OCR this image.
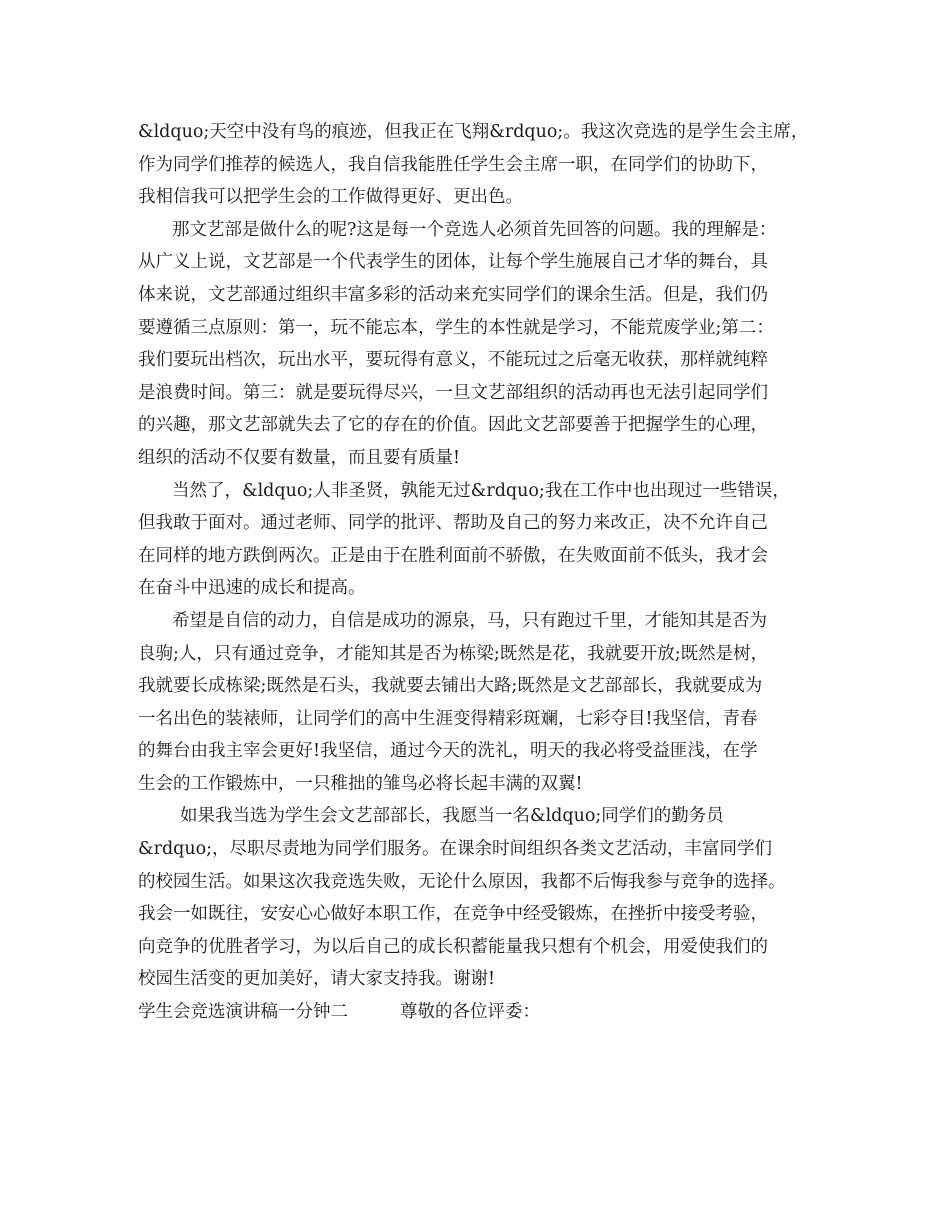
&ldquo;天空中没有鸟的痕迹，但我正在飞翔&rdquo;。我这次竞选的是学生会主席，
作为同学们推荐的候选人，我自信我能胜任学生会主席一职，在同学们的协助下，
我相信我可以把学生会的工作做得更好、更出色。
那文艺部是做什么的呢?这是每一个竞选人必须首先回答的问题。我的理解是：
从广义上说，文艺部是一个代表学生的团体，让每个学生施展自己才华的舞台，具
体来说，文艺部通过组织丰富多彩的活动来充实同学们的课余生活。但是，我们仍
要遵循三点原则：第一，玩不能忘本，学生的本性就是学习，不能荒废学业;第二：
我们要玩出档次，玩出水平，要玩得有意义，不能玩过之后毫无收获，那样就纯粹
是浪费时间。第三：就是要玩得尽兴，一旦文艺部组织的活动再也无法引起同学们
的兴趣，那文艺部就失去了它的存在的价值。因此文艺部要善于把握学生的心理，
组织的活动不仅要有数量，而且要有质量!
当然了，&ldquo;人非圣贤，孰能无过&rdquo;我在工作中也出现过一些错误，
但我敢于面对。通过老师、同学的批评、帮助及自己的努力来改正，决不允许自己
在同样的地方跌倒两次。正是由于在胜利面前不骄傲，在失败面前不低头，我才会
在奋斗中迅速的成长和提高。
希望是自信的动力，自信是成功的源泉，马，只有跑过千里，才能知其是否为
良驹;人，只有通过竞争，才能知其是否为栋梁;既然是花，我就要开放;既然是树，
我就要长成栋梁;既然是石头，我就要去铺出大路;既然是文艺部部长，我就要成为
一名出色的装裱师，让同学们的高中生涯变得精彩斑斓，七彩夺目!我坚信，青春
的舞台由我主宰会更好!我坚信，通过今天的洗礼，明天的我必将受益匪浅，在学
生会的工作锻炼中，一只稚拙的雏鸟必将长起丰满的双翼!
如果我当选为学生会文艺部部长，我愿当一名&ldquo;同学们的勤务员
&rdquo;，尽职尽责地为同学们服务。在课余时间组织各类文艺活动，丰富同学们
的校园生活。如果这次我竞选失败，无论什么原因，我都不后悔我参与竞争的选择。
我会一如既往，安安心心做好本职工作，在竞争中经受锻炼，在挫折中接受考验，
向竞争的优胜者学习，为以后自己的成长积蓄能量我只想有个机会，用爱使我们的
校园生活变的更加美好，请大家支持我。谢谢!
学生会竞选演讲稿一分钟二	尊敬的各位评委：
